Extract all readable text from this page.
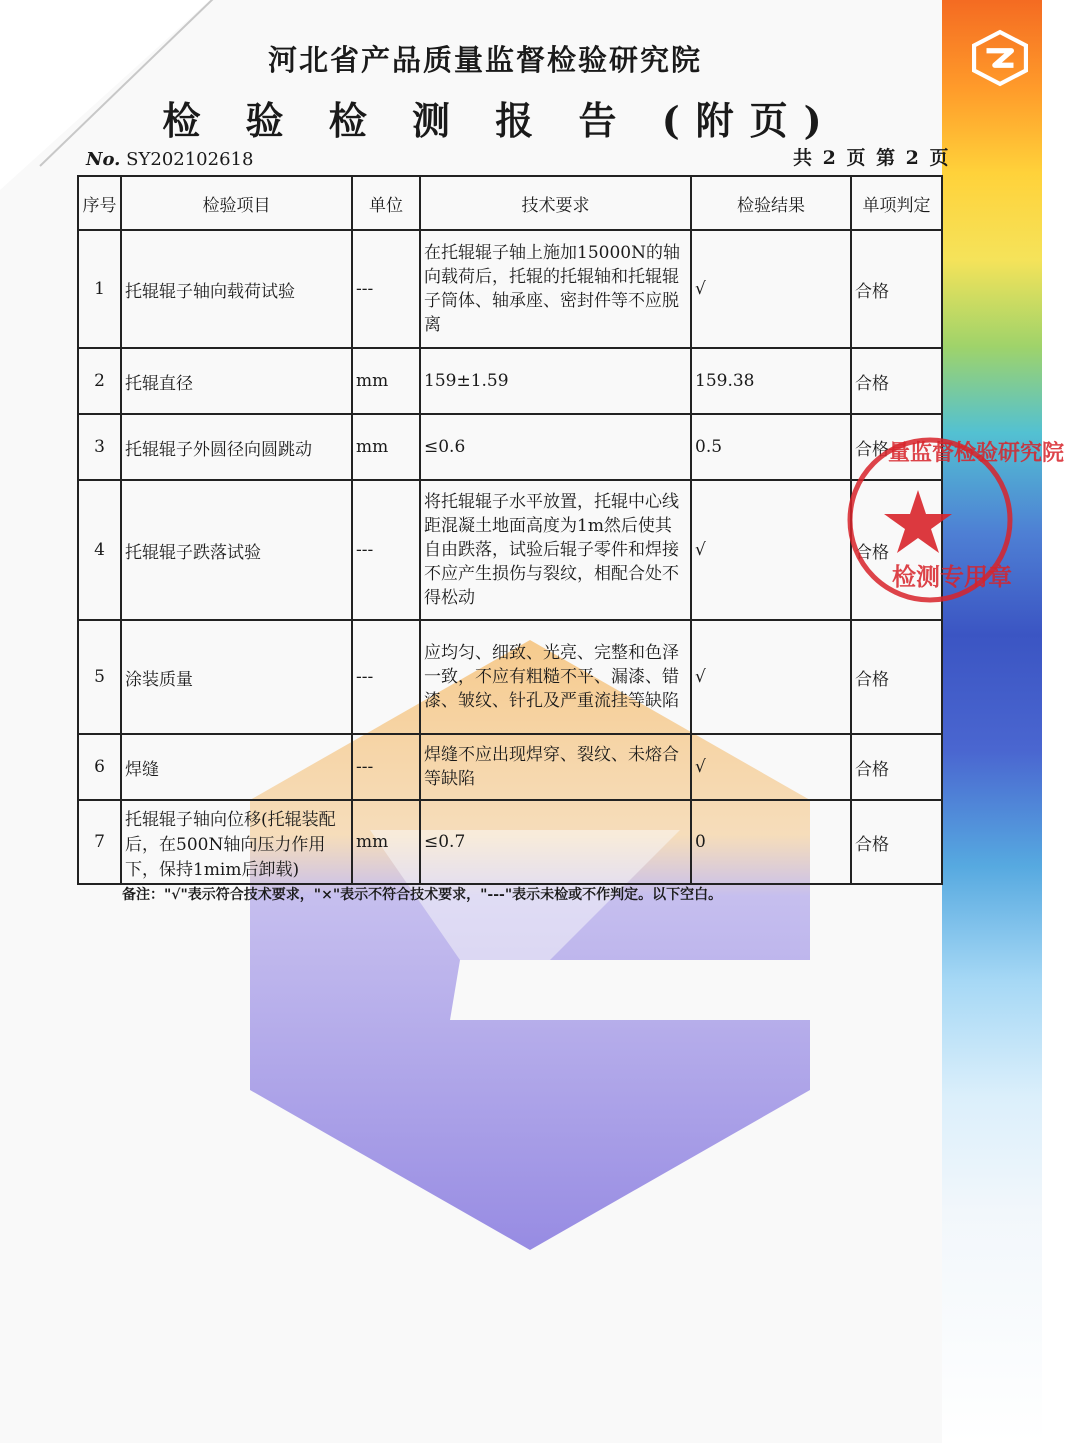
河北省产品质量监督检验研究院
检 验 检 测 报 告 (附页)
No. SY202102618	共 2 页 第 2 页
序号	检验项目	单位	技术要求	检验结果	单项判定
1	托辊辊子轴向载荷试验	---	在托辊辊子轴上施加15000N的轴向载荷后，托辊的托辊轴和托辊辊子筒体、轴承座、密封件等不应脱离	√	合格
2	托辊直径	mm	159±1.59	159.38	合格
3	托辊辊子外圆径向圆跳动	mm	≤0.6	0.5	合格
4	托辊辊子跌落试验	---	将托辊辊子水平放置，托辊中心线距混凝土地面高度为1m然后使其自由跌落，试验后辊子零件和焊接不应产生损伤与裂纹，相配合处不得松动	√	合格
5	涂装质量	---	应均匀、细致、光亮、完整和色泽一致，不应有粗糙不平、漏漆、错漆、皱纹、针孔及严重流挂等缺陷	√	合格
6	焊缝	---	焊缝不应出现焊穿、裂纹、未熔合等缺陷	√	合格
7	托辊辊子轴向位移(托辊装配后，在500N轴向压力作用下，保持1mim后卸载)	mm	≤0.7	0	合格
备注："√"表示符合技术要求，"×"表示不符合技术要求，"---"表示未检或不作判定。以下空白。
量监督检验研究院
检测专用章
